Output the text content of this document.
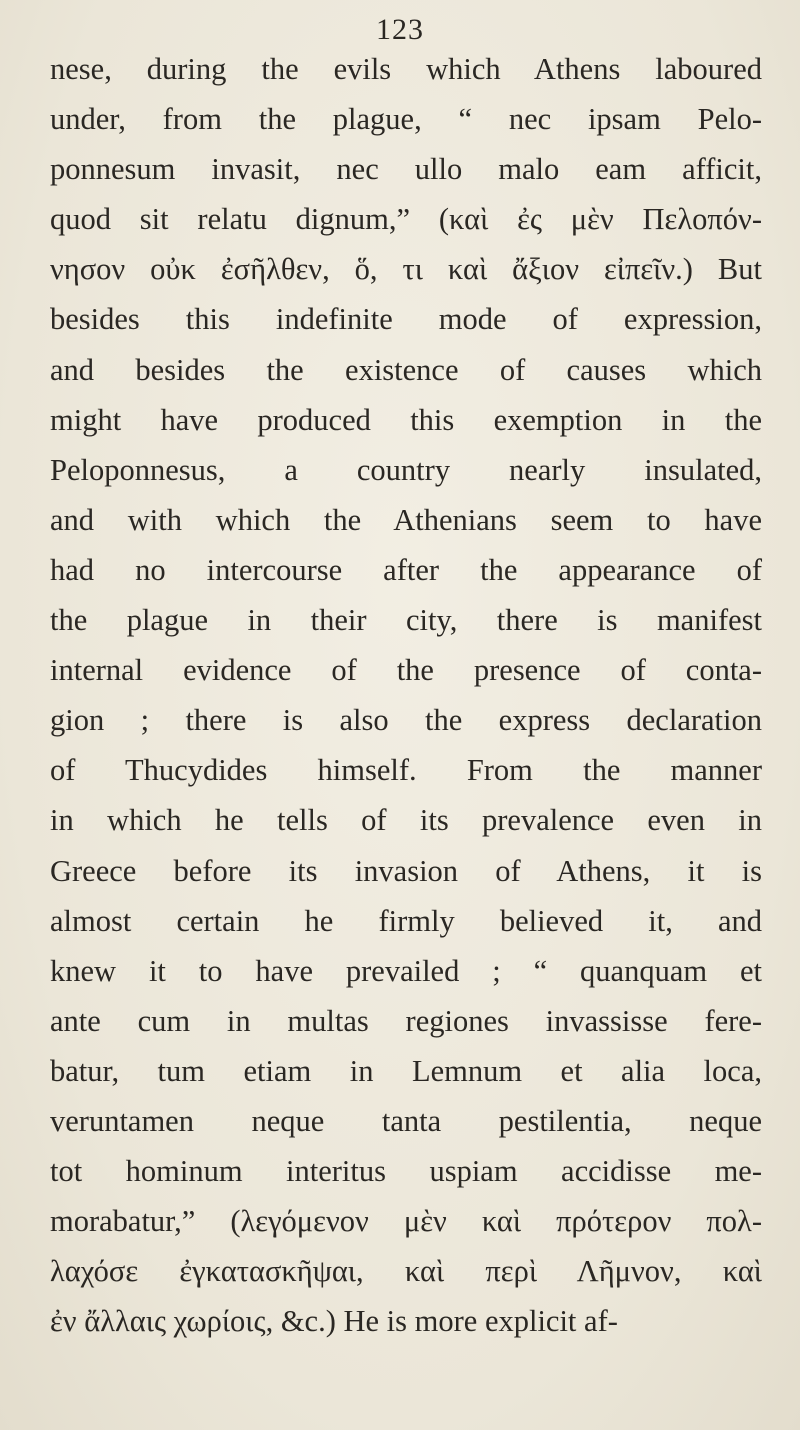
123
nese, during the evils which Athens laboured
under, from the plague, “ nec ipsam Pelo-
ponnesum invasit, nec ullo malo eam afficit,
quod sit relatu dignum,” (καὶ ἐς μὲν Πελοπόν-
νησον οὐκ ἐσῆλθεν, ὅ, τι καὶ ἄξιον εἰπεῖν.) But
besides this indefinite mode of expression,
and besides the existence of causes which
might have produced this exemption in the
Peloponnesus, a country nearly insulated,
and with which the Athenians seem to have
had no intercourse after the appearance of
the plague in their city, there is manifest
internal evidence of the presence of conta-
gion ; there is also the express declaration
of Thucydides himself. From the manner
in which he tells of its prevalence even in
Greece before its invasion of Athens, it is
almost certain he firmly believed it, and
knew it to have prevailed ; “ quanquam et
ante cum in multas regiones invassisse fere-
batur, tum etiam in Lemnum et alia loca,
veruntamen neque tanta pestilentia, neque
tot hominum interitus uspiam accidisse me-
morabatur,” (λεγόμενον μὲν καὶ πρότερον πολ-
λαχόσε ἐγκατασκῆψαι, καὶ περὶ Λῆμνον, καὶ
ἐν ἄλλαις χωρίοις, &c.) He is more explicit af-
